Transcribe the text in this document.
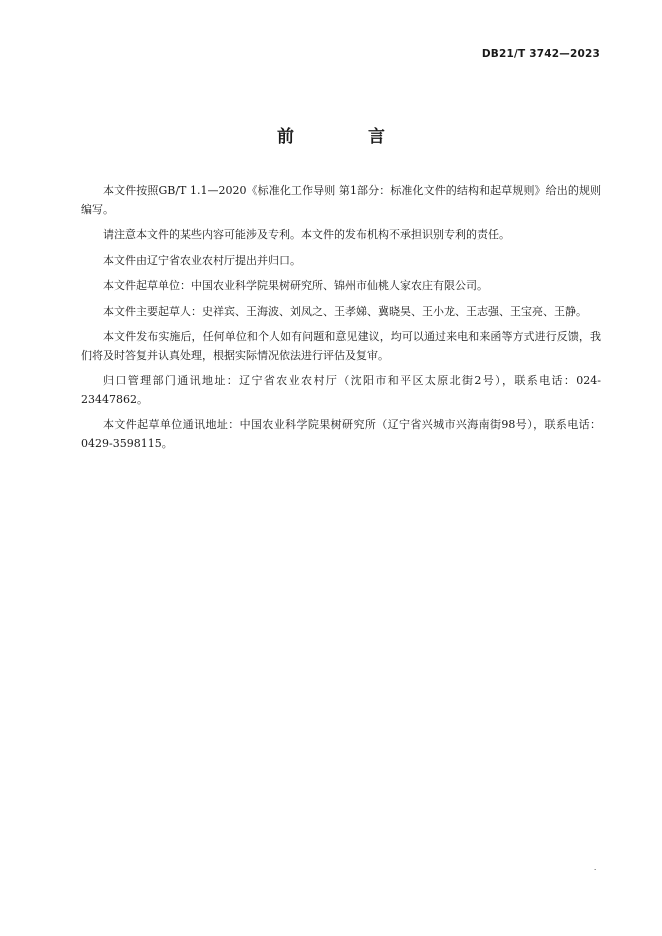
DB21/T 3742—2023
前 言

本文件按照GB/T 1.1—2020《标准化工作导则 第1部分：标准化文件的结构和起草规则》给出的规则编写。

请注意本文件的某些内容可能涉及专利。本文件的发布机构不承担识别专利的责任。

本文件由辽宁省农业农村厅提出并归口。

本文件起草单位：中国农业科学院果树研究所、锦州市仙桃人家农庄有限公司。

本文件主要起草人：史祥宾、王海波、刘凤之、王孝娣、冀晓昊、王小龙、王志强、王宝亮、王静。

本文件发布实施后，任何单位和个人如有问题和意见建议，均可以通过来电和来函等方式进行反馈，我们将及时答复并认真处理，根据实际情况依法进行评估及复审。

归口管理部门通讯地址：辽宁省农业农村厅（沈阳市和平区太原北街2号），联系电话：024-23447862。

本文件起草单位通讯地址：中国农业科学院果树研究所（辽宁省兴城市兴海南街98号），联系电话：0429-3598115。

·
